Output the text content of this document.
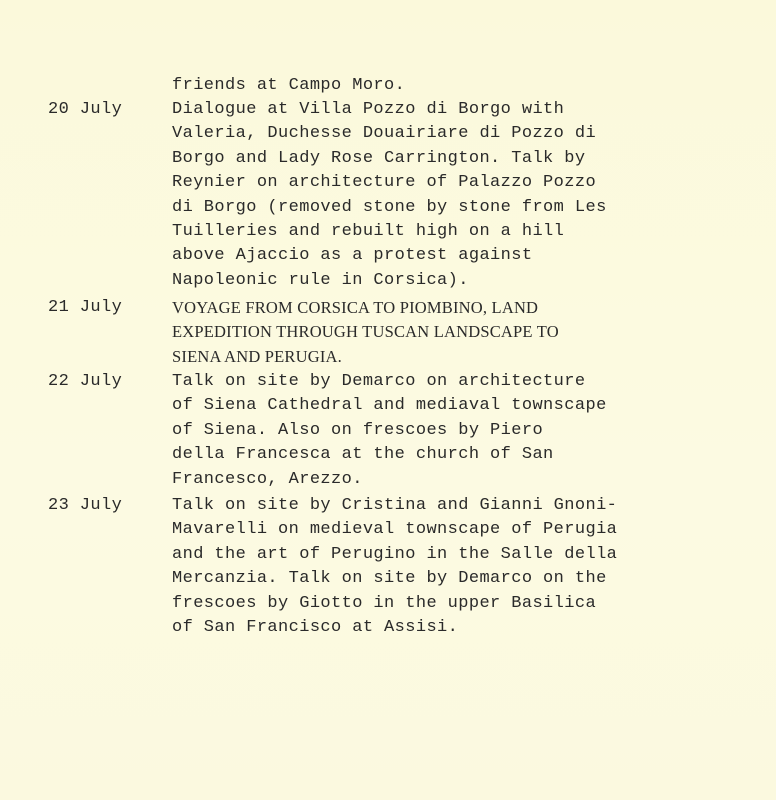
friends at Campo Moro.
20 July	Dialogue at Villa Pozzo di Borgo with
Valeria, Duchesse Douairiare di Pozzo di
Borgo and Lady Rose Carrington. Talk by
Reynier on architecture of Palazzo Pozzo
di Borgo (removed stone by stone from Les
Tuilleries and rebuilt high on a hill
above Ajaccio as a protest against
Napoleonic rule in Corsica).
21 July	VOYAGE FROM CORSICA TO PIOMBINO, LAND
EXPEDITION THROUGH TUSCAN LANDSCAPE TO
SIENA AND PERUGIA.
22 July	Talk on site by Demarco on architecture
of Siena Cathedral and mediaval townscape
of Siena. Also on frescoes by Piero
della Francesca at the church of San
Francesco, Arezzo.
23 July	Talk on site by Cristina and Gianni Gnoni-
Mavarelli on medieval townscape of Perugia
and the art of Perugino in the Salle della
Mercanzia. Talk on site by Demarco on the
frescoes by Giotto in the upper Basilica
of San Francisco at Assisi.
